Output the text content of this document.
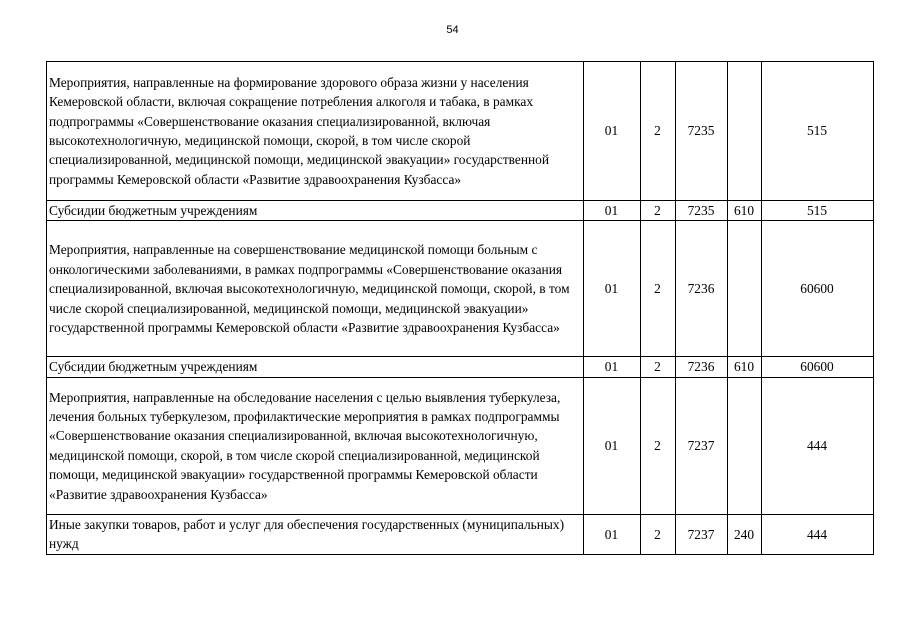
54
Мероприятия, направленные на формирование здорового образа жизни у населения Кемеровской области, включая сокращение потребления алкоголя и табака, в рамках подпрограммы «Совершенствование оказания специализированной, включая высокотехнологичную, медицинской помощи, скорой, в том числе скорой специализированной, медицинской помощи, медицинской эвакуации» государственной программы Кемеровской области «Развитие здравоохранения Кузбасса»	01	2	7235		515
Субсидии бюджетным учреждениям	01	2	7235	610	515
Мероприятия, направленные на совершенствование медицинской помощи больным с онкологическими заболеваниями, в рамках подпрограммы «Совершенствование оказания специализированной, включая высокотехнологичную, медицинской помощи, скорой, в том числе скорой специализированной, медицинской помощи, медицинской эвакуации» государственной программы Кемеровской области «Развитие здравоохранения Кузбасса»	01	2	7236		60600
Субсидии бюджетным учреждениям	01	2	7236	610	60600
Мероприятия, направленные на обследование населения с целью выявления туберкулеза, лечения больных туберкулезом, профилактические мероприятия в рамках подпрограммы «Совершенствование оказания специализированной, включая высокотехнологичную, медицинской помощи, скорой, в том числе скорой специализированной, медицинской помощи, медицинской эвакуации» государственной программы Кемеровской области «Развитие здравоохранения Кузбасса»	01	2	7237		444
Иные закупки товаров, работ и услуг для обеспечения государственных (муниципальных) нужд	01	2	7237	240	444
